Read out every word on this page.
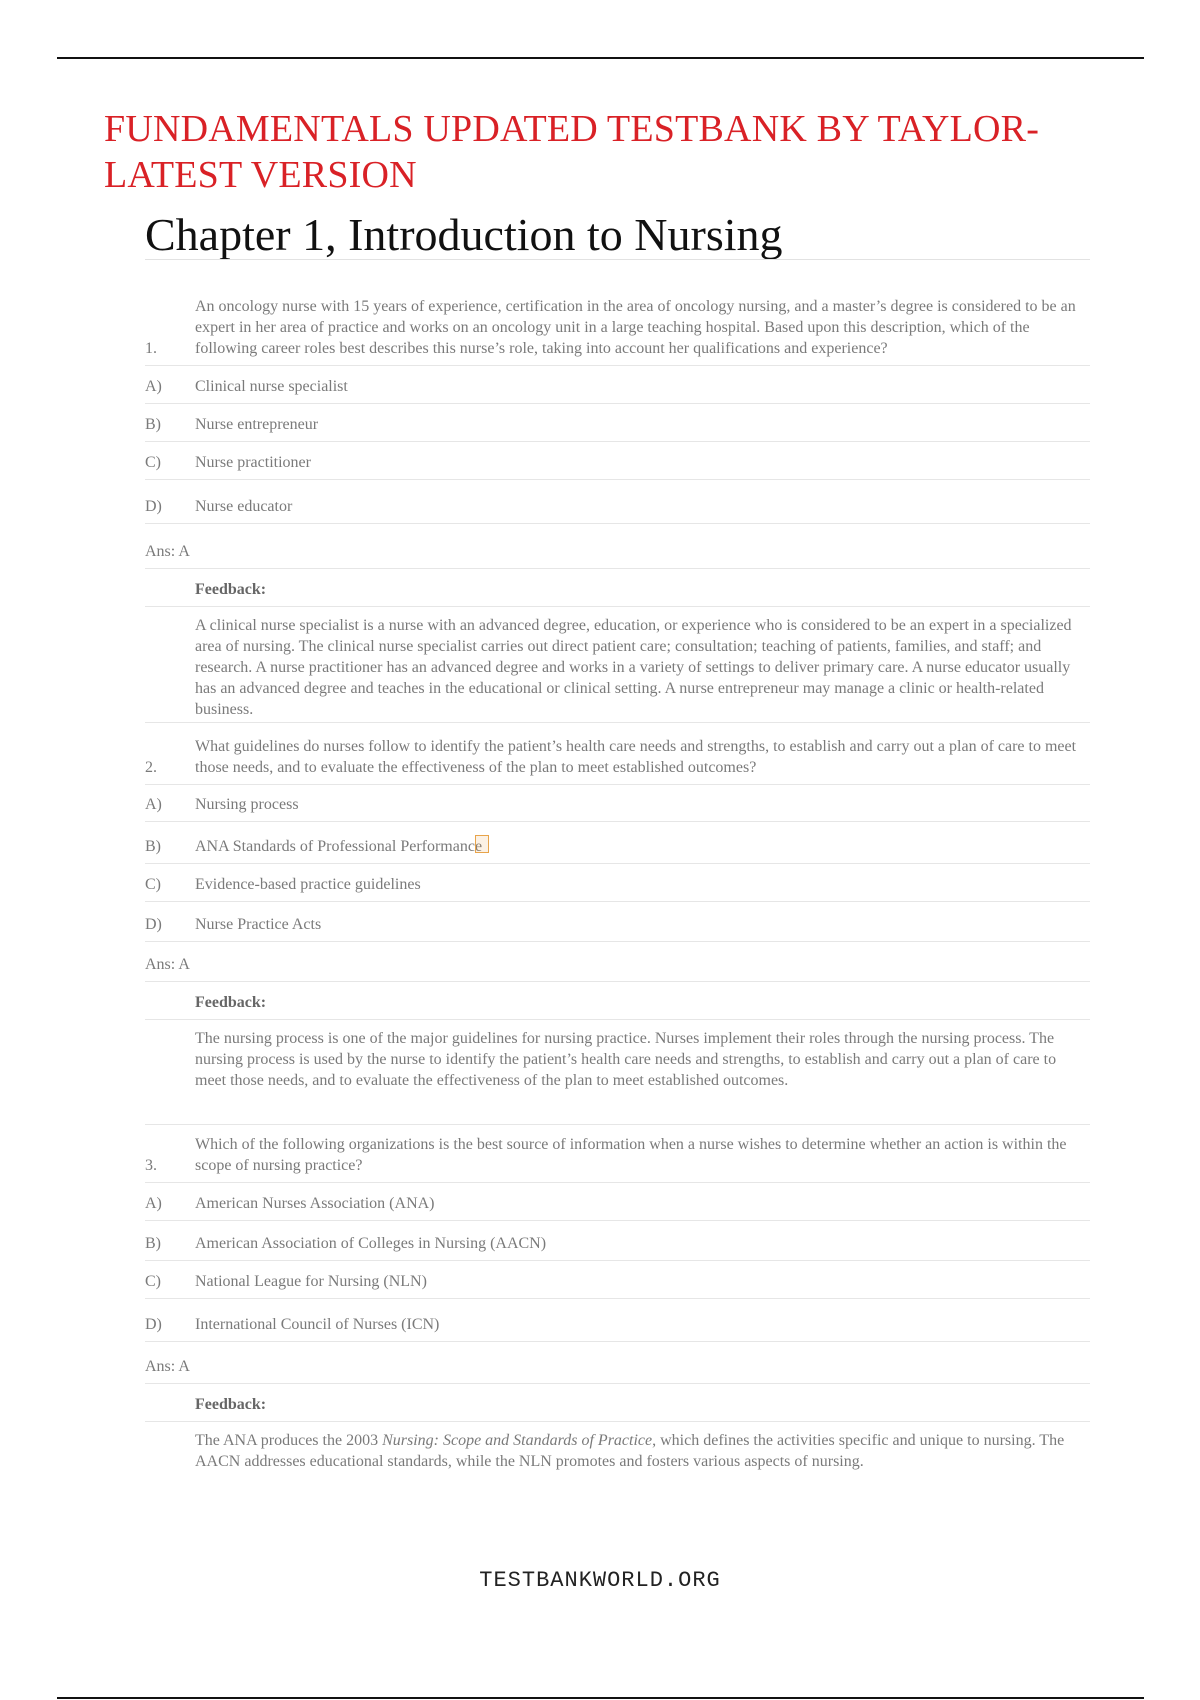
FUNDAMENTALS UPDATED TESTBANK BY TAYLOR-LATEST VERSION
Chapter 1, Introduction to Nursing
1.
An oncology nurse with 15 years of experience, certification in the area of oncology nursing, and a master’s degree is considered to be an expert in her area of practice and works on an oncology unit in a large teaching hospital. Based upon this description, which of the following career roles best describes this nurse’s role, taking into account her qualifications and experience?
A)	Clinical nurse specialist
B)	Nurse entrepreneur
C)	Nurse practitioner
D)	Nurse educator
Ans: A
Feedback:
A clinical nurse specialist is a nurse with an advanced degree, education, or experience who is considered to be an expert in a specialized area of nursing. The clinical nurse specialist carries out direct patient care; consultation; teaching of patients, families, and staff; and research. A nurse practitioner has an advanced degree and works in a variety of settings to deliver primary care. A nurse educator usually has an advanced degree and teaches in the educational or clinical setting. A nurse entrepreneur may manage a clinic or health-related business.
2.
What guidelines do nurses follow to identify the patient’s health care needs and strengths, to establish and carry out a plan of care to meet those needs, and to evaluate the effectiveness of the plan to meet established outcomes?
A)	Nursing process
B)	ANA Standards of Professional Performance
C)	Evidence-based practice guidelines
D)	Nurse Practice Acts
Ans: A
Feedback:
The nursing process is one of the major guidelines for nursing practice. Nurses implement their roles through the nursing process. The nursing process is used by the nurse to identify the patient’s health care needs and strengths, to establish and carry out a plan of care to meet those needs, and to evaluate the effectiveness of the plan to meet established outcomes.
3.
Which of the following organizations is the best source of information when a nurse wishes to determine whether an action is within the scope of nursing practice?
A)	American Nurses Association (ANA)
B)	American Association of Colleges in Nursing (AACN)
C)	National League for Nursing (NLN)
D)	International Council of Nurses (ICN)
Ans: A
Feedback:
The ANA produces the 2003 Nursing: Scope and Standards of Practice, which defines the activities specific and unique to nursing. The AACN addresses educational standards, while the NLN promotes and fosters various aspects of nursing.
TESTBANKWORLD.ORG
